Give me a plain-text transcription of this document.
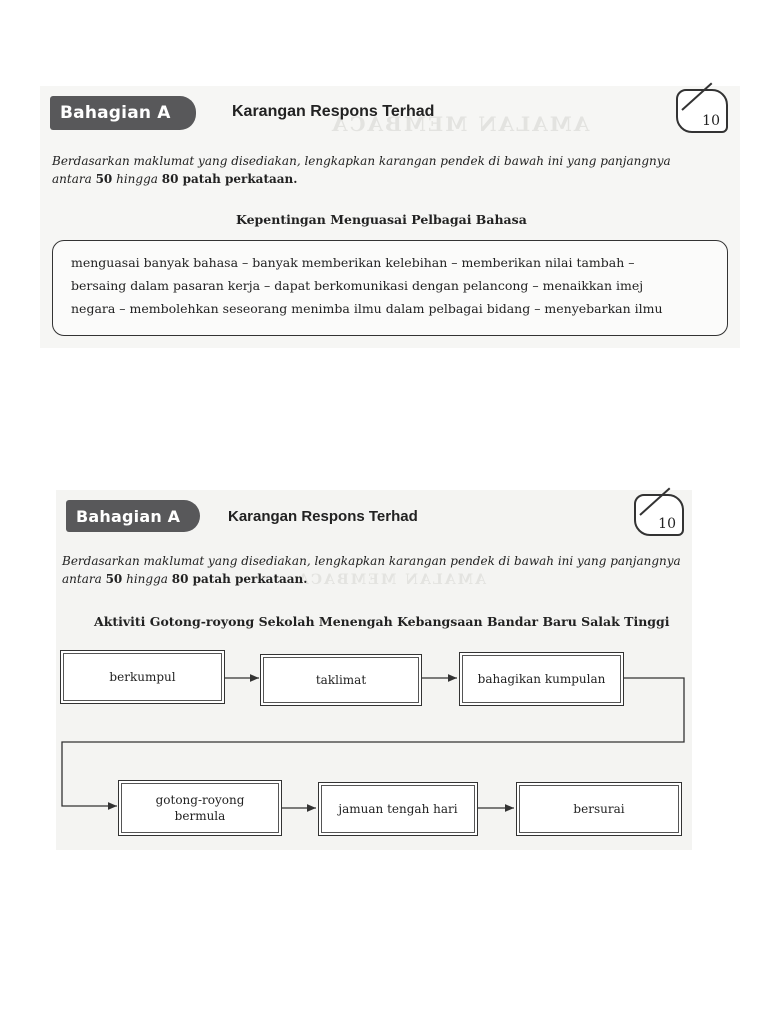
AMALAN MEMBACA
Bahagian A	Karangan Respons Terhad
10
Berdasarkan maklumat yang disediakan, lengkapkan karangan pendek di bawah ini yang panjangnya
antara 50 hingga 80 patah perkataan.
Kepentingan Menguasai Pelbagai Bahasa

menguasai banyak bahasa – banyak memberikan kelebihan – memberikan nilai tambah –

bersaing dalam pasaran kerja – dapat berkomunikasi dengan pelancong – menaikkan imej

negara – membolehkan seseorang menimba ilmu dalam pelbagai bidang – menyebarkan ilmu

AMALAN MEMBACA
Bahagian A	Karangan Respons Terhad	10
Berdasarkan maklumat yang disediakan, lengkapkan karangan pendek di bawah ini yang panjangnya
antara 50 hingga 80 patah perkataan.
Aktiviti Gotong-royong Sekolah Menengah Kebangsaan Bandar Baru Salak Tinggi
berkumpul	taklimat	bahagikan kumpulan
gotong-royong
bermula	jamuan tengah hari	bersurai
